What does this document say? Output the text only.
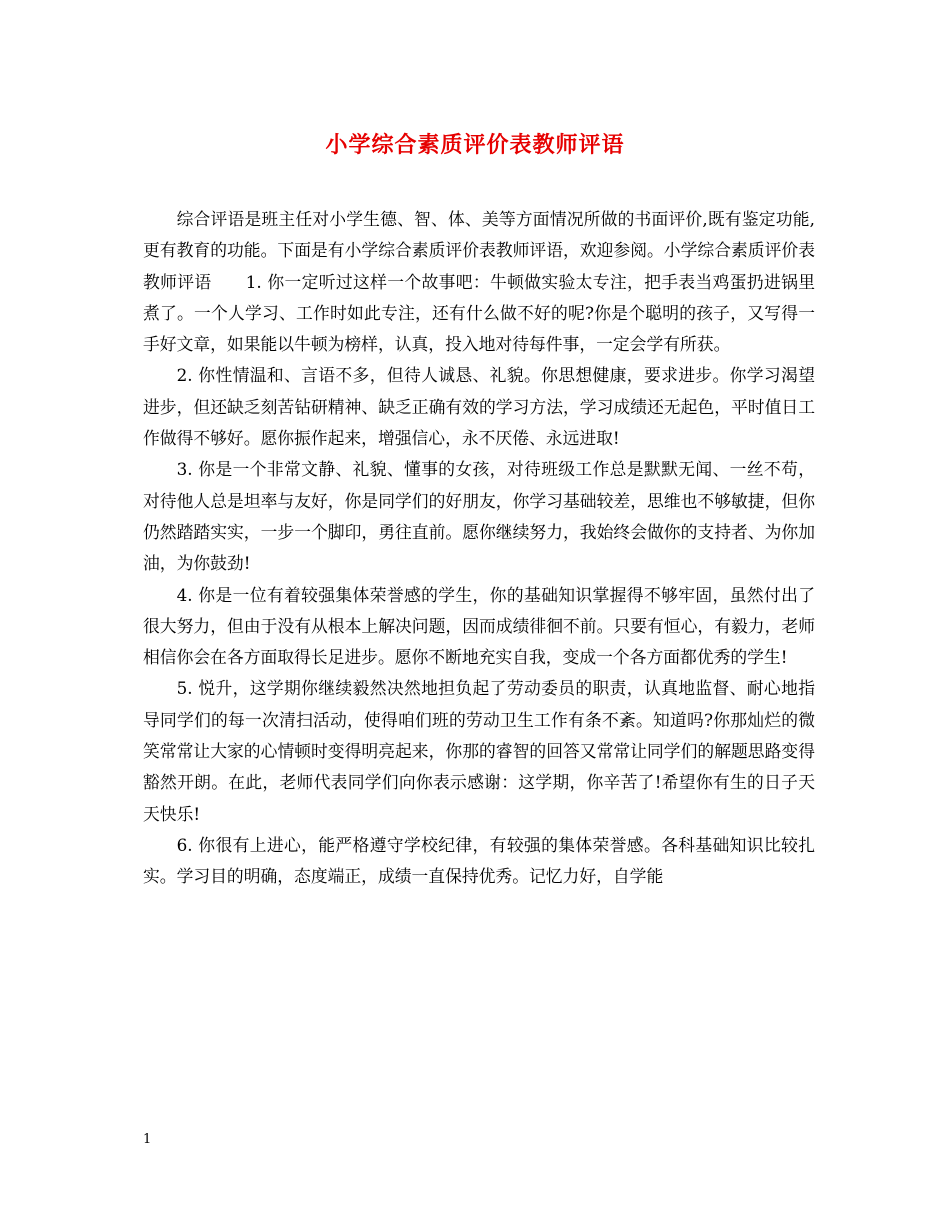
小学综合素质评价表教师评语

综合评语是班主任对小学生德、智、体、美等方面情况所做的书面评价,既有鉴定功能,更有教育的功能。下面是有小学综合素质评价表教师评语，欢迎参阅。小学综合素质评价表教师评语　　1. 你一定听过这样一个故事吧：牛顿做实验太专注，把手表当鸡蛋扔进锅里煮了。一个人学习、工作时如此专注，还有什么做不好的呢?你是个聪明的孩子，又写得一手好文章，如果能以牛顿为榜样，认真，投入地对待每件事，一定会学有所获。

2. 你性情温和、言语不多，但待人诚恳、礼貌。你思想健康，要求进步。你学习渴望进步，但还缺乏刻苦钻研精神、缺乏正确有效的学习方法，学习成绩还无起色，平时值日工作做得不够好。愿你振作起来，增强信心，永不厌倦、永远进取!

3. 你是一个非常文静、礼貌、懂事的女孩，对待班级工作总是默默无闻、一丝不苟，对待他人总是坦率与友好，你是同学们的好朋友，你学习基础较差，思维也不够敏捷，但你仍然踏踏实实，一步一个脚印，勇往直前。愿你继续努力，我始终会做你的支持者、为你加油，为你鼓劲!

4. 你是一位有着较强集体荣誉感的学生，你的基础知识掌握得不够牢固，虽然付出了很大努力，但由于没有从根本上解决问题，因而成绩徘徊不前。只要有恒心，有毅力，老师相信你会在各方面取得长足进步。愿你不断地充实自我，变成一个各方面都优秀的学生!

5. 悦升，这学期你继续毅然决然地担负起了劳动委员的职责，认真地监督、耐心地指导同学们的每一次清扫活动，使得咱们班的劳动卫生工作有条不紊。知道吗?你那灿烂的微笑常常让大家的心情顿时变得明亮起来，你那的睿智的回答又常常让同学们的解题思路变得豁然开朗。在此，老师代表同学们向你表示感谢：这学期，你辛苦了!希望你有生的日子天天快乐!

6. 你很有上进心，能严格遵守学校纪律，有较强的集体荣誉感。各科基础知识比较扎实。学习目的明确，态度端正，成绩一直保持优秀。记忆力好，自学能

1
